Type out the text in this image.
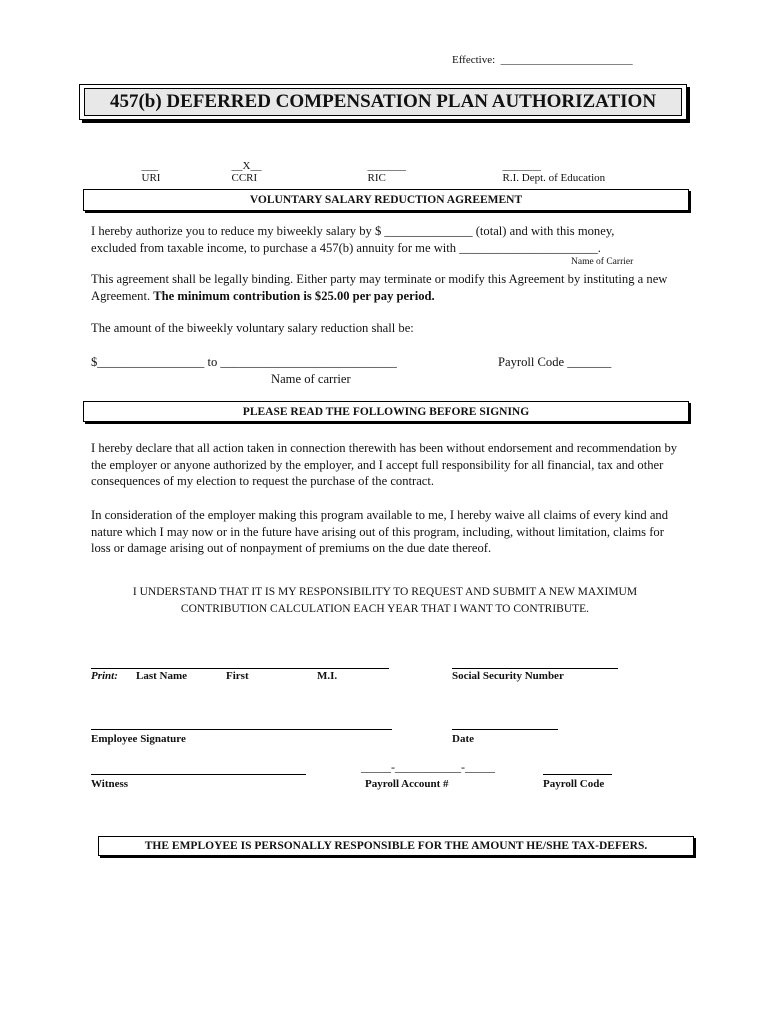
Effective:  ________________________
457(b) DEFERRED COMPENSATION PLAN AUTHORIZATION

___
URI

__X__
CCRI

_______
RIC

_______
R.I. Dept. of Education

VOLUNTARY SALARY REDUCTION AGREEMENT
I hereby authorize you to reduce my biweekly salary by $ ______________ (total) and with this money,
excluded from taxable income, to purchase a 457(b) annuity for me with ______________________.
Name of Carrier
This agreement shall be legally binding. Either party may terminate or modify this Agreement by instituting a new Agreement. The minimum contribution is $25.00 per pay period.
The amount of the biweekly voluntary salary reduction shall be:
$_________________ to ____________________________	Payroll Code _______
Name of carrier
PLEASE READ THE FOLLOWING BEFORE SIGNING
I hereby declare that all action taken in connection therewith has been without endorsement and recommendation by the employer or anyone authorized by the employer, and I accept full responsibility for all financial, tax and other consequences of my election to request the purchase of the contract.
In consideration of the employer making this program available to me, I hereby waive all claims of every kind and nature which I may now or in the future have arising out of this program, including, without limitation, claims for loss or damage arising out of nonpayment of premiums on the due date thereof.
I UNDERSTAND THAT IT IS MY RESPONSIBILITY TO REQUEST AND SUBMIT A NEW MAXIMUM
CONTRIBUTION CALCULATION EACH YEAR THAT I WANT TO CONTRIBUTE.
Print: Last Name	First	M.I.	Social Security Number
Employee Signature	Date
_____-___________-_____
Witness	Payroll Account #	Payroll Code
THE EMPLOYEE IS PERSONALLY RESPONSIBLE FOR THE AMOUNT HE/SHE TAX-DEFERS.
